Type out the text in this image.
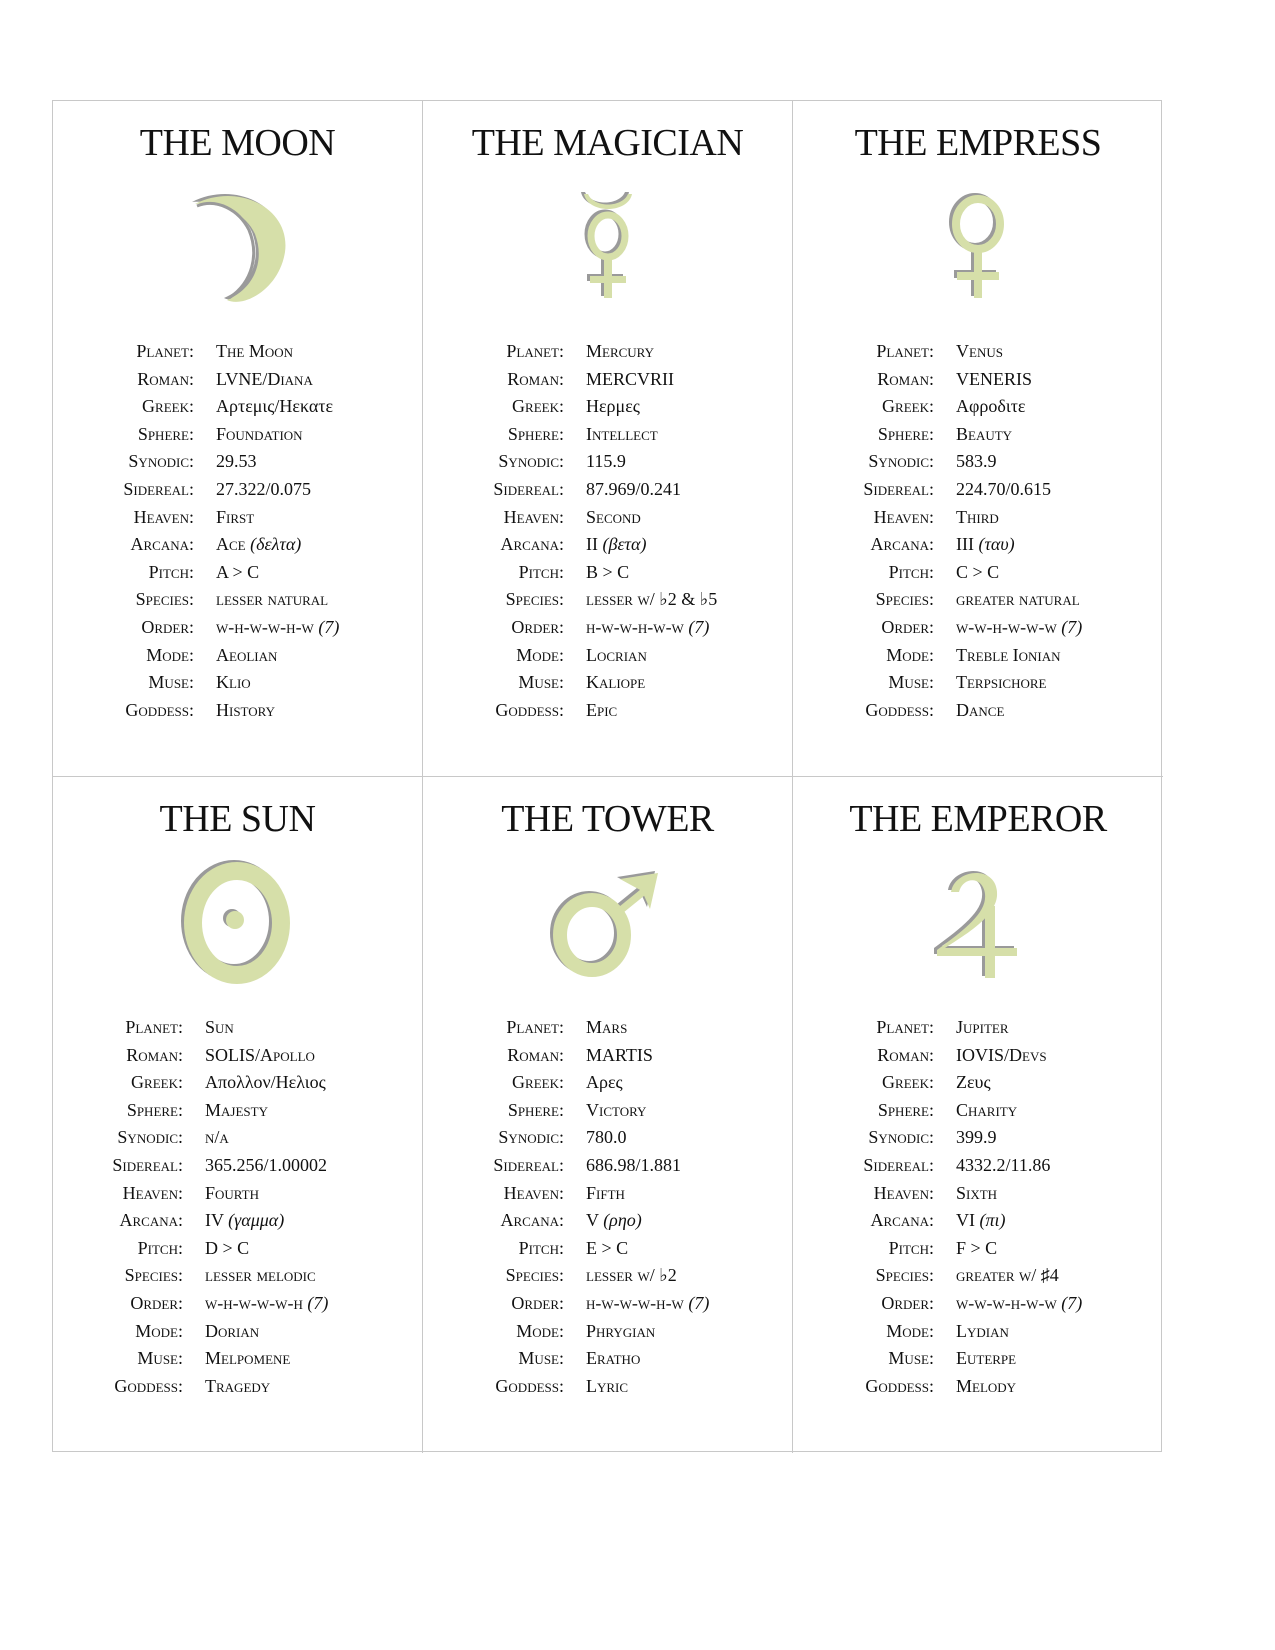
THE MOON
Planet:	The Moon
Roman:	LVNE/Diana
Greek:	Αρτεμις/Hεκατε
Sphere:	Foundation
Synodic:	29.53
Sidereal:	27.322/0.075
Heaven:	First
Arcana:	Ace (δελτα)
Pitch:	A > C
Species:	lesser natural
Order:	w-h-w-w-h-w (7)
Mode:	Aeolian
Muse:	Klio
Goddess:	History
THE MAGICIAN
Planet:	Mercury
Roman:	MERCVRII
Greek:	Hερμες
Sphere:	Intellect
Synodic:	115.9
Sidereal:	87.969/0.241
Heaven:	Second
Arcana:	II (βετα)
Pitch:	B > C
Species:	lesser w/ ♭2 & ♭5
Order:	h-w-w-h-w-w (7)
Mode:	Locrian
Muse:	Kaliope
Goddess:	Epic
THE EMPRESS
Planet:	Venus
Roman:	VENERIS
Greek:	Αφροδιτε
Sphere:	Beauty
Synodic:	583.9
Sidereal:	224.70/0.615
Heaven:	Third
Arcana:	III (ταυ)
Pitch:	C > C
Species:	greater natural
Order:	w-w-h-w-w-w (7)
Mode:	Treble Ionian
Muse:	Terpsichore
Goddess:	Dance
THE SUN
Planet:	Sun
Roman:	SOLIS/Apollo
Greek:	Απολλον/Hελιος
Sphere:	Majesty
Synodic:	n/a
Sidereal:	365.256/1.00002
Heaven:	Fourth
Arcana:	IV (γαμμα)
Pitch:	D > C
Species:	lesser melodic
Order:	w-h-w-w-w-h (7)
Mode:	Dorian
Muse:	Melpomene
Goddess:	Tragedy
THE TOWER
Planet:	Mars
Roman:	MARTIS
Greek:	Αρες
Sphere:	Victory
Synodic:	780.0
Sidereal:	686.98/1.881
Heaven:	Fifth
Arcana:	V (ρηο)
Pitch:	E > C
Species:	lesser w/ ♭2
Order:	h-w-w-w-h-w (7)
Mode:	Phrygian
Muse:	Eratho
Goddess:	Lyric
THE EMPEROR
Planet:	Jupiter
Roman:	IOVIS/Devs
Greek:	Ζευς
Sphere:	Charity
Synodic:	399.9
Sidereal:	4332.2/11.86
Heaven:	Sixth
Arcana:	VI (πι)
Pitch:	F > C
Species:	greater w/ ♯4
Order:	w-w-w-h-w-w (7)
Mode:	Lydian
Muse:	Euterpe
Goddess:	Melody
